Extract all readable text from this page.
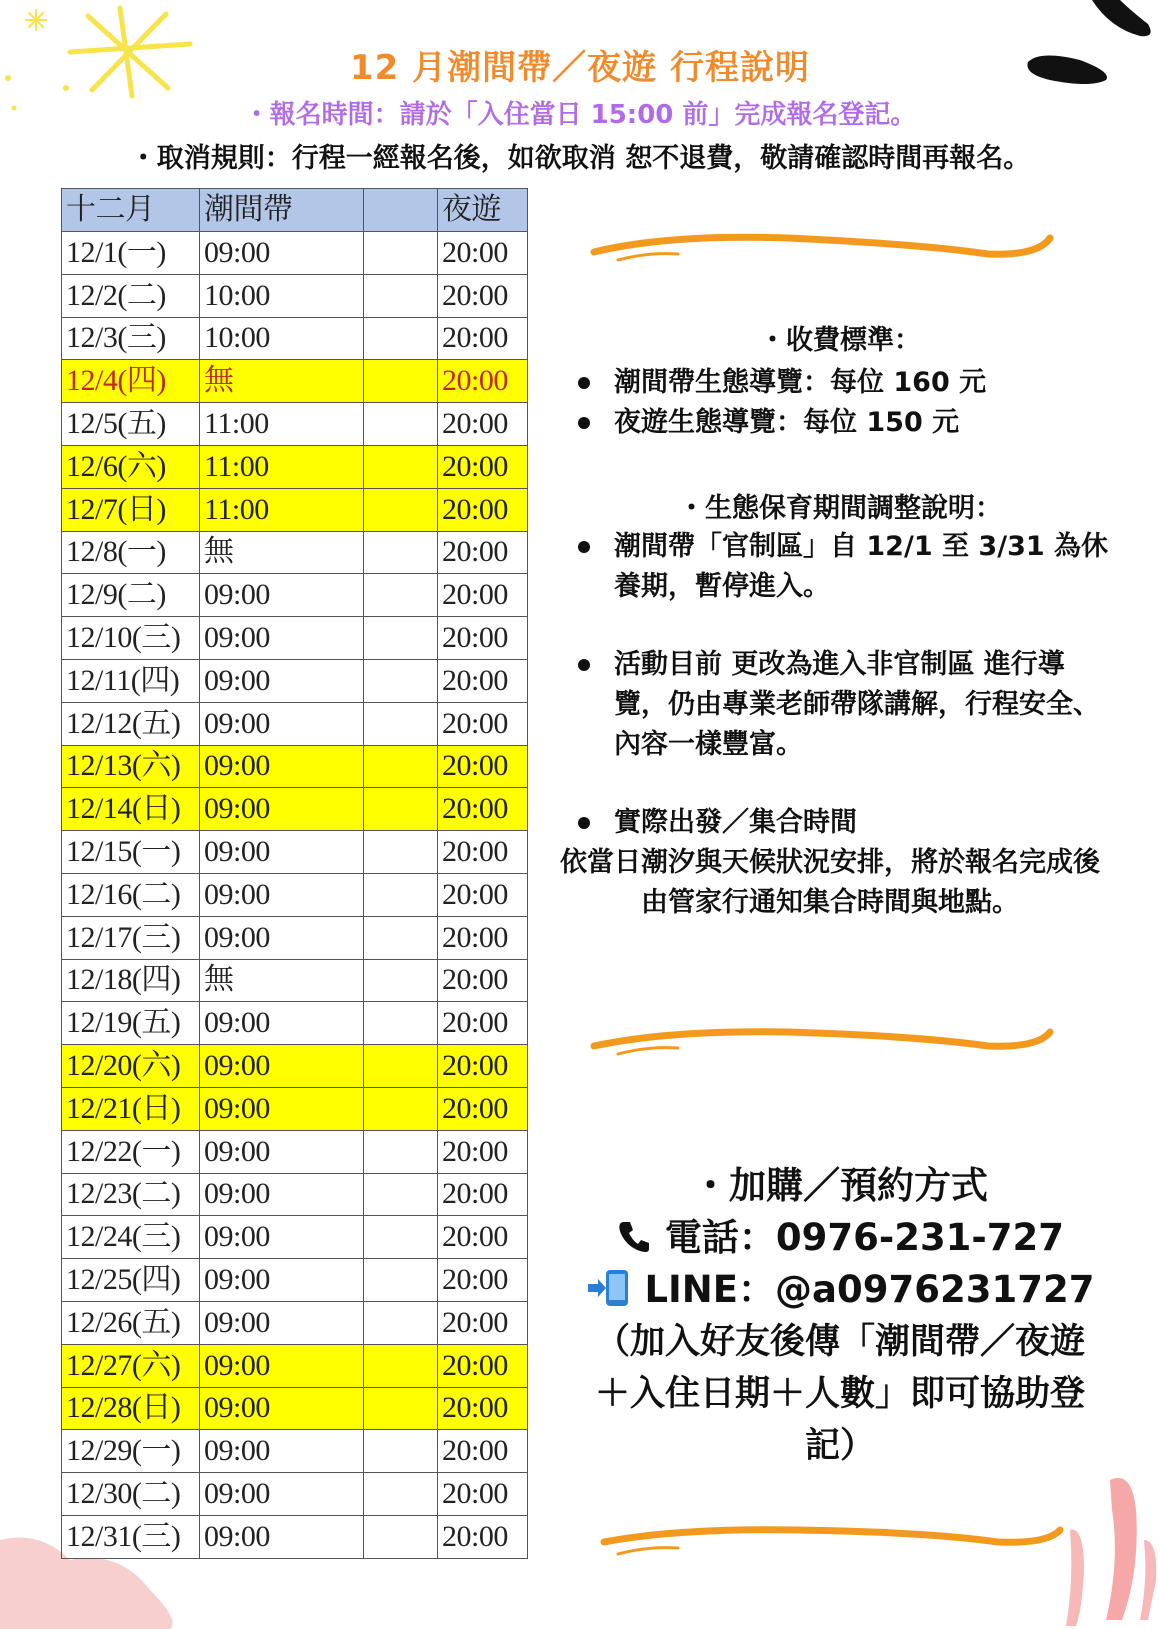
12 月潮間帶／夜遊 行程說明
・報名時間：請於「入住當日 15:00 前」完成報名登記。
・取消規則：行程一經報名後，如欲取消 恕不退費，敬請確認時間再報名。
十二月	潮間帶		夜遊
12/1(一)	09:00		20:00
12/2(二)	10:00		20:00
12/3(三)	10:00		20:00
12/4(四)	無		20:00
12/5(五)	11:00		20:00
12/6(六)	11:00		20:00
12/7(日)	11:00		20:00
12/8(一)	無		20:00
12/9(二)	09:00		20:00
12/10(三)	09:00		20:00
12/11(四)	09:00		20:00
12/12(五)	09:00		20:00
12/13(六)	09:00		20:00
12/14(日)	09:00		20:00
12/15(一)	09:00		20:00
12/16(二)	09:00		20:00
12/17(三)	09:00		20:00
12/18(四)	無		20:00
12/19(五)	09:00		20:00
12/20(六)	09:00		20:00
12/21(日)	09:00		20:00
12/22(一)	09:00		20:00
12/23(二)	09:00		20:00
12/24(三)	09:00		20:00
12/25(四)	09:00		20:00
12/26(五)	09:00		20:00
12/27(六)	09:00		20:00
12/28(日)	09:00		20:00
12/29(一)	09:00		20:00
12/30(二)	09:00		20:00
12/31(三)	09:00		20:00
・收費標準：
潮間帶生態導覽：每位 160 元
夜遊生態導覽：每位 150 元
・生態保育期間調整說明：
潮間帶「官制區」自 12/1 至 3/31 為休養期，暫停進入。
活動目前 更改為進入非官制區 進行導覽，仍由專業老師帶隊講解，行程安全、內容一樣豐富。
實際出發／集合時間
依當日潮汐與天候狀況安排，將於報名完成後由管家行通知集合時間與地點。
・加購／預約方式
電話：0976-231-727
LINE：@a0976231727
（加入好友後傳「潮間帶／夜遊＋入住日期＋人數」即可協助登記）
